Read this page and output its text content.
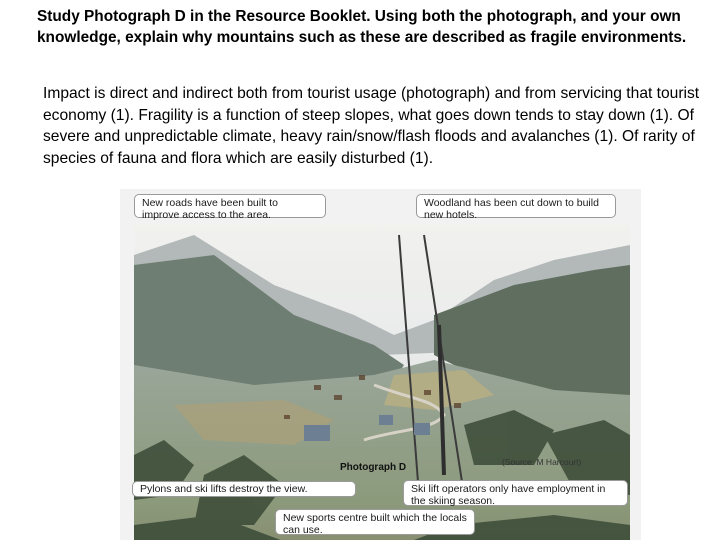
Study Photograph D in the Resource Booklet. Using both the photograph, and your own knowledge, explain why mountains such as these are described as fragile environments.
Impact is direct and indirect both from tourist usage (photograph) and from servicing that tourist economy (1). Fragility is a function of steep slopes, what goes down tends to stay down (1). Of severe and unpredictable climate, heavy rain/snow/flash floods and avalanches (1). Of rarity of species of fauna and flora which are easily disturbed (1).
New roads have been built to improve access to the area.
Woodland has been cut down to build new hotels.
Photograph D	(Source: M Harcourt)
Pylons and ski lifts destroy the view.	Ski lift operators only have employment in the skiing season.
New sports centre built which the locals can use.
